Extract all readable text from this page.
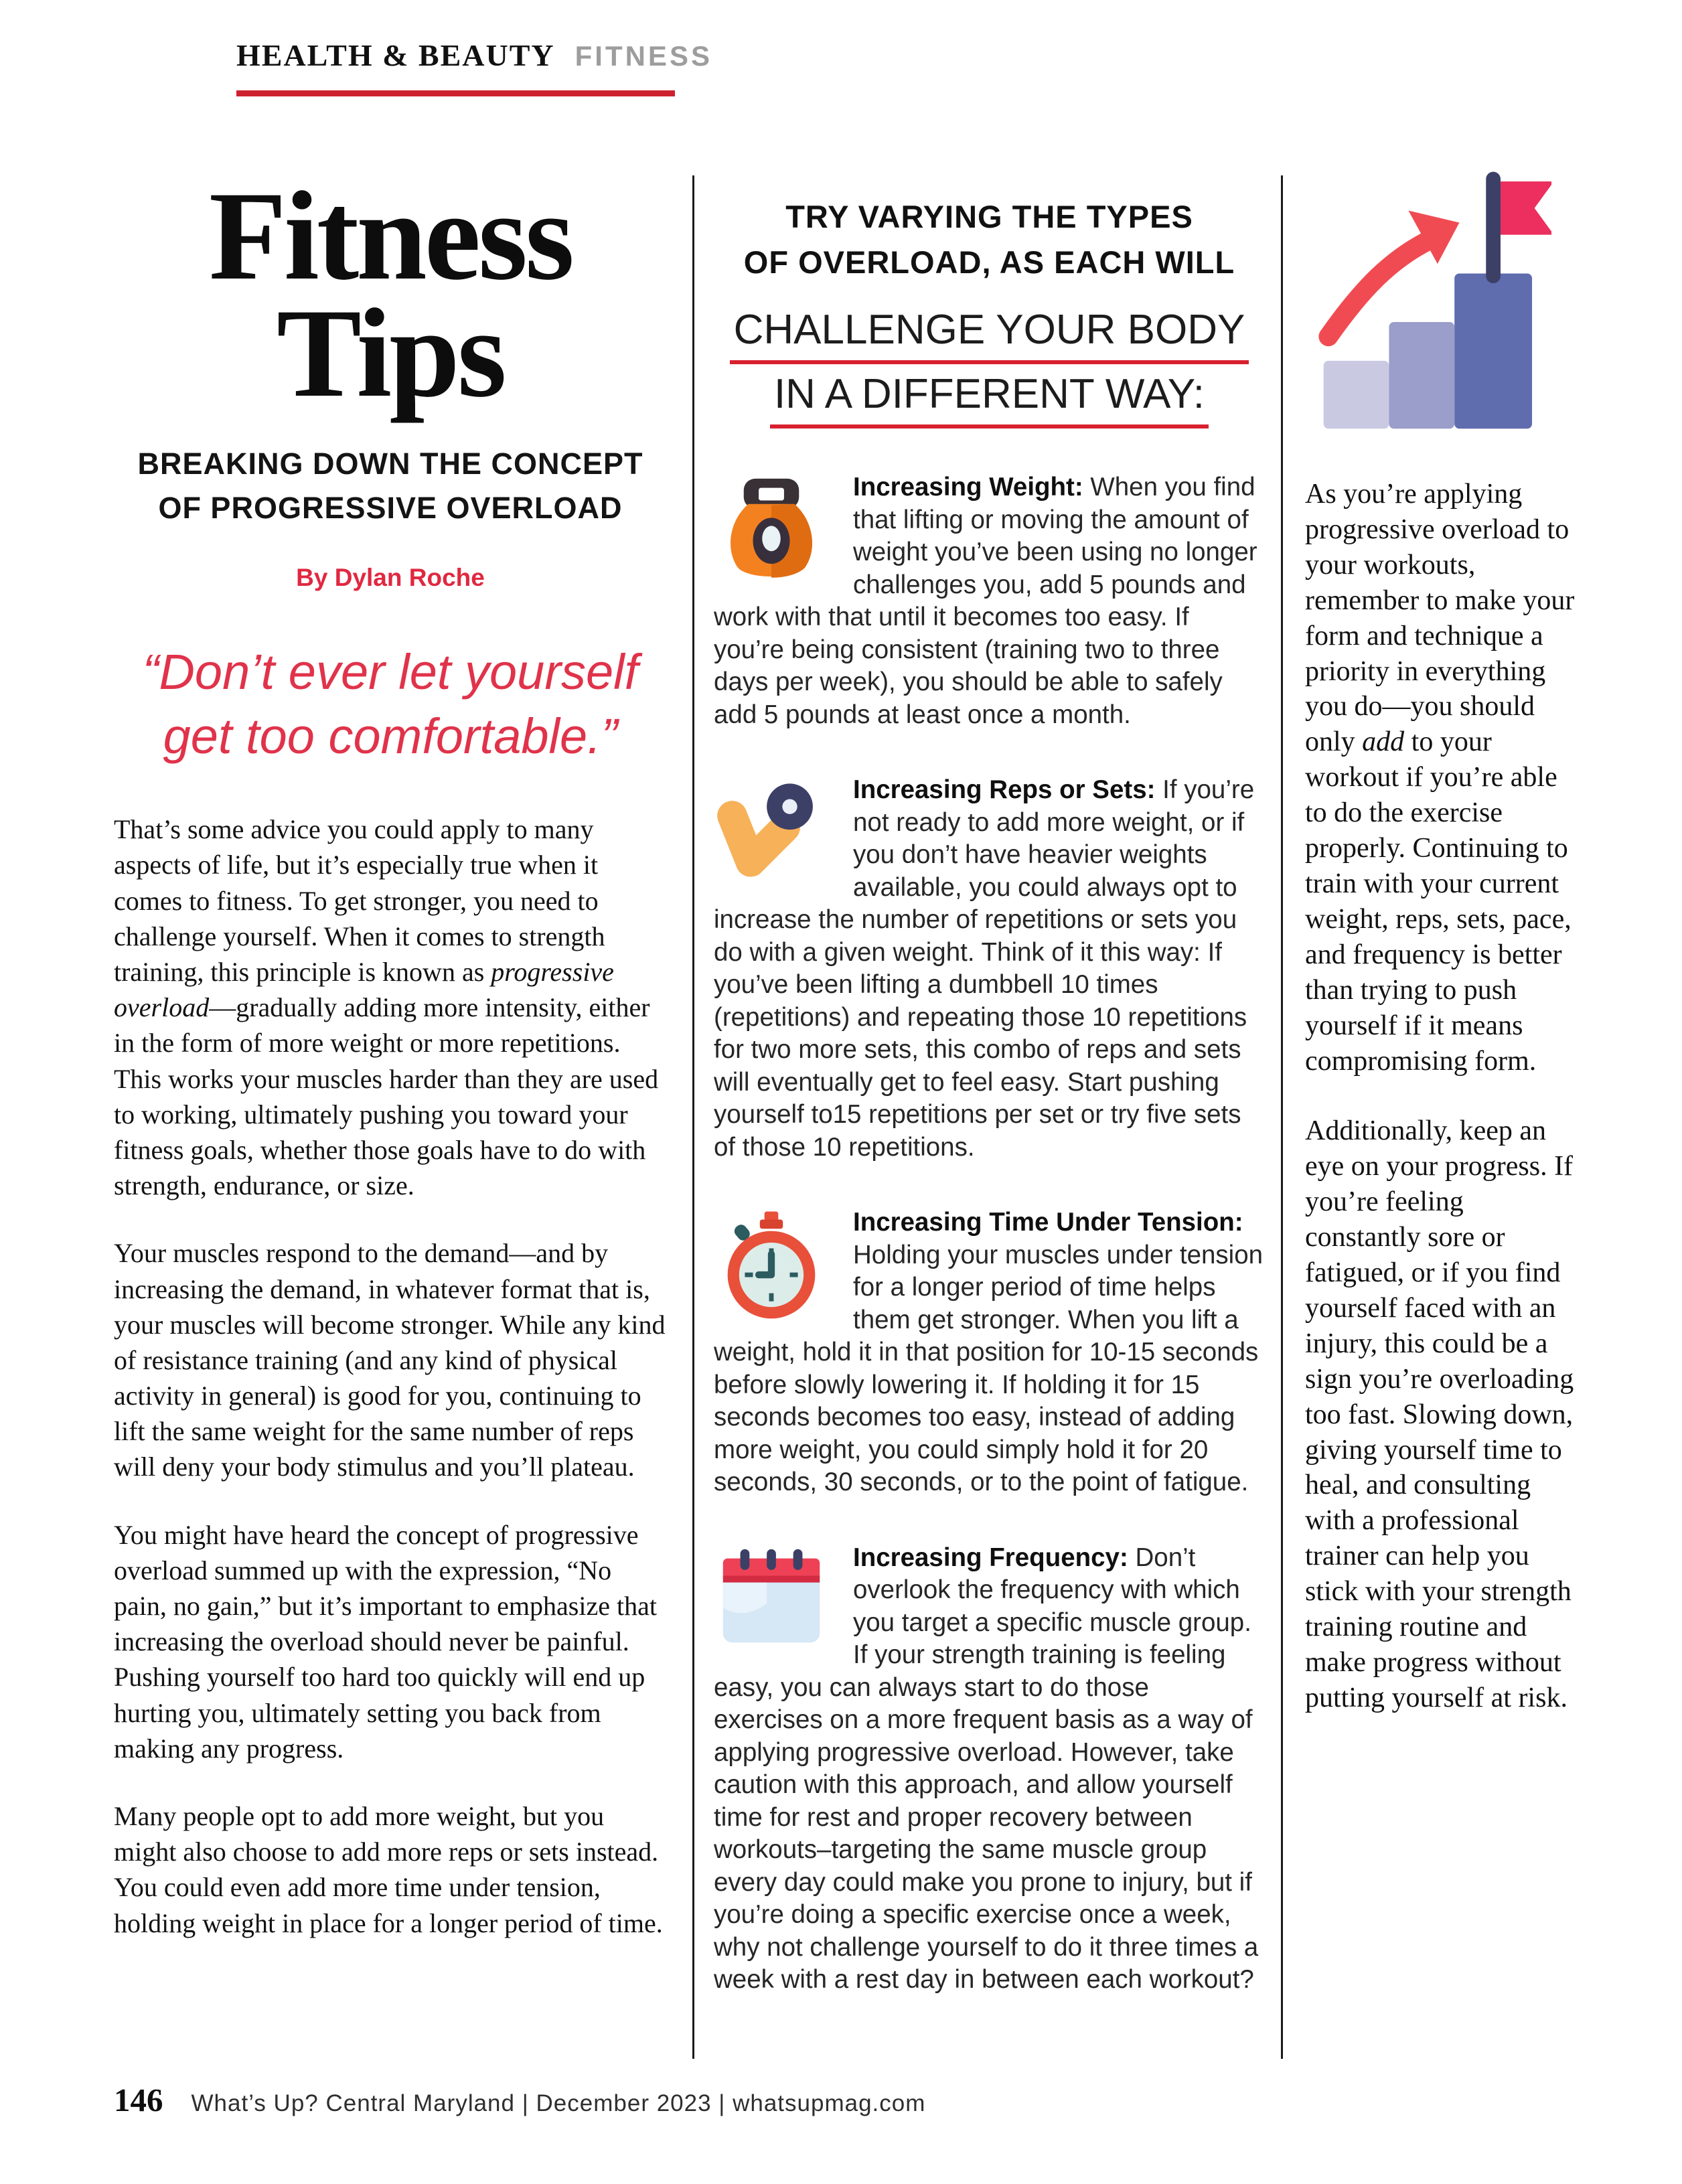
HEALTH & BEAUTY FITNESS
Fitness
Tips
BREAKING DOWN THE CONCEPT
OF PROGRESSIVE OVERLOAD
By Dylan Roche
“Don’t ever let yourself
get too comfortable.”

That’s some advice you could apply to many aspects of life, but it’s especially true when it comes to fitness. To get stronger, you need to challenge yourself. When it comes to strength training, this principle is known as progressive overload—gradually adding more intensity, either in the form of more weight or more repetitions. This works your muscles harder than they are used to working, ultimately pushing you toward your fitness goals, whether those goals have to do with strength, endurance, or size.

Your muscles respond to the demand—and by increasing the demand, in whatever format that is, your muscles will become stronger. While any kind of resistance training (and any kind of physical activity in general) is good for you, continuing to lift the same weight for the same number of reps will deny your body stimulus and you’ll plateau.

You might have heard the concept of progressive overload summed up with the expression, “No pain, no gain,” but it’s important to emphasize that increasing the overload should never be painful. Pushing yourself too hard too quickly will end up hurting you, ultimately setting you back from making any progress.

Many people opt to add more weight, but you might also choose to add more reps or sets instead. You could even add more time under tension, holding weight in place for a longer period of time.

TRY VARYING THE TYPES
OF OVERLOAD, AS EACH WILL
CHALLENGE YOUR BODY
IN A DIFFERENT WAY:

Increasing Weight: When you find that lifting or moving the amount of weight you’ve been using no longer challenges you, add 5 pounds and work with that until it becomes too easy. If you’re being consistent (training two to three days per week), you should be able to safely add 5 pounds at least once a month.

Increasing Reps or Sets: If you’re not ready to add more weight, or if you don’t have heavier weights available, you could always opt to increase the number of repetitions or sets you do with a given weight. Think of it this way: If you’ve been lifting a dumbbell 10 times (repetitions) and repeating those 10 repetitions for two more sets, this combo of reps and sets will eventually get to feel easy. Start pushing yourself to15 repetitions per set or try five sets of those 10 repetitions.

Increasing Time Under Tension: Holding your muscles under tension for a longer period of time helps them get stronger. When you lift a weight, hold it in that position for 10-15 seconds before slowly lowering it. If holding it for 15 seconds becomes too easy, instead of adding more weight, you could simply hold it for 20 seconds, 30 seconds, or to the point of fatigue.

Increasing Frequency: Don’t overlook the frequency with which you target a specific muscle group. If your strength training is feeling easy, you can always start to do those exercises on a more frequent basis as a way of applying progressive overload. However, take caution with this approach, and allow yourself time for rest and proper recovery between workouts–targeting the same muscle group every day could make you prone to injury, but if you’re doing a specific exercise once a week, why not challenge yourself to do it three times a week with a rest day in between each workout?

As you’re applying progressive overload to your workouts, remember to make your form and technique a priority in everything you do—you should only add to your workout if you’re able to do the exercise properly. Continuing to train with your current weight, reps, sets, pace, and frequency is better than trying to push yourself if it means compromising form.

Additionally, keep an eye on your progress. If you’re feeling constantly sore or fatigued, or if you find yourself faced with an injury, this could be a sign you’re overloading too fast. Slowing down, giving yourself time to heal, and consulting with a professional trainer can help you stick with your strength training routine and make progress without putting yourself at risk.

146 What’s Up? Central Maryland | December 2023 | whatsupmag.com
